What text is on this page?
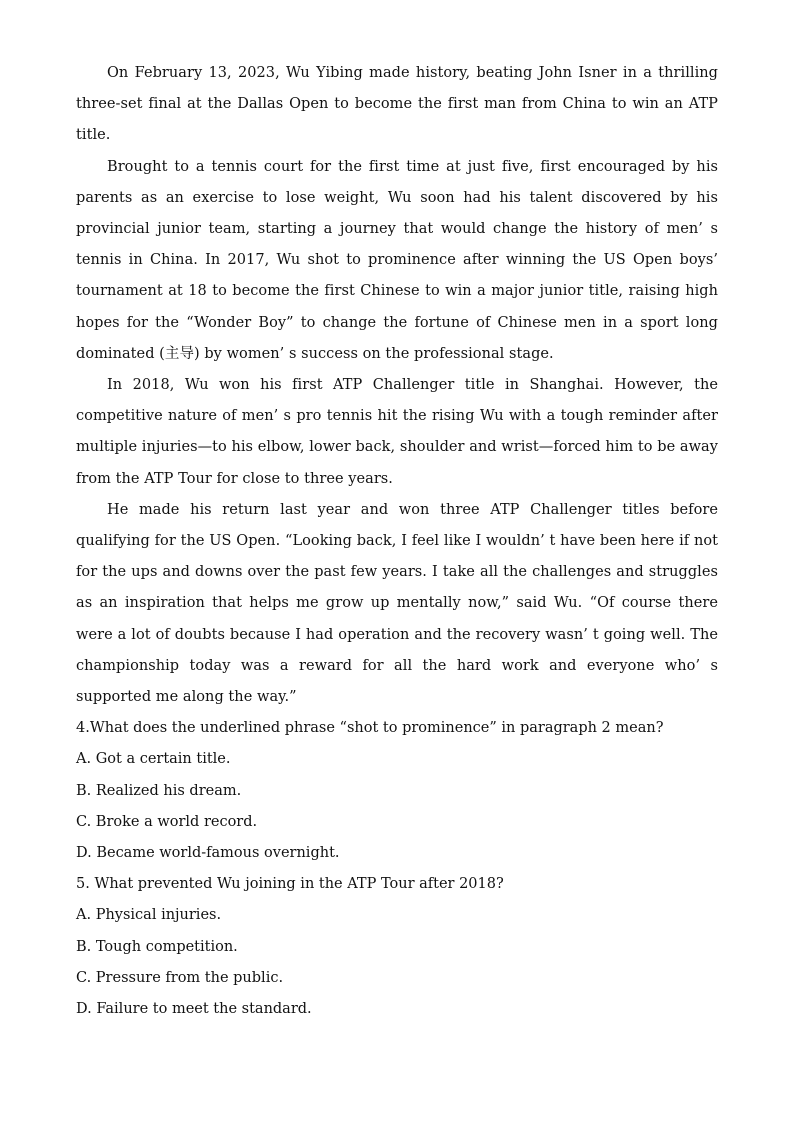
On February 13, 2023, Wu Yibing made history, beating John Isner in a thrilling three-set final at the Dallas Open to become the first man from China to win an ATP title.

Brought to a tennis court for the first time at just five, first encouraged by his parents as an exercise to lose weight, Wu soon had his talent discovered by his provincial junior team, starting a journey that would change the history of men’ s tennis in China. In 2017, Wu shot to prominence after winning the US Open boys’ tournament at 18 to become the first Chinese to win a major junior title, raising high hopes for the “Wonder Boy” to change the fortune of Chinese men in a sport long dominated (主导) by women’ s success on the professional stage.

In 2018, Wu won his first ATP Challenger title in Shanghai. However, the competitive nature of men’ s pro tennis hit the rising Wu with a tough reminder after multiple injuries—to his elbow, lower back, shoulder and wrist—forced him to be away from the ATP Tour for close to three years.

He made his return last year and won three ATP Challenger titles before qualifying for the US Open. “Looking back, I feel like I wouldn’ t have been here if not for the ups and downs over the past few years. I take all the challenges and struggles as an inspiration that helps me grow up mentally now,” said Wu. “Of course there were a lot of doubts because I had operation and the recovery wasn’ t going well. The championship today was a reward for all the hard work and everyone who’ s supported me along the way.”

4.What does the underlined phrase “shot to prominence” in paragraph 2 mean?

A. Got a certain title.

B. Realized his dream.

C. Broke a world record.

D. Became world-famous overnight.

5. What prevented Wu joining in the ATP Tour after 2018?

A. Physical injuries.

B. Tough competition.

C. Pressure from the public.

D. Failure to meet the standard.
